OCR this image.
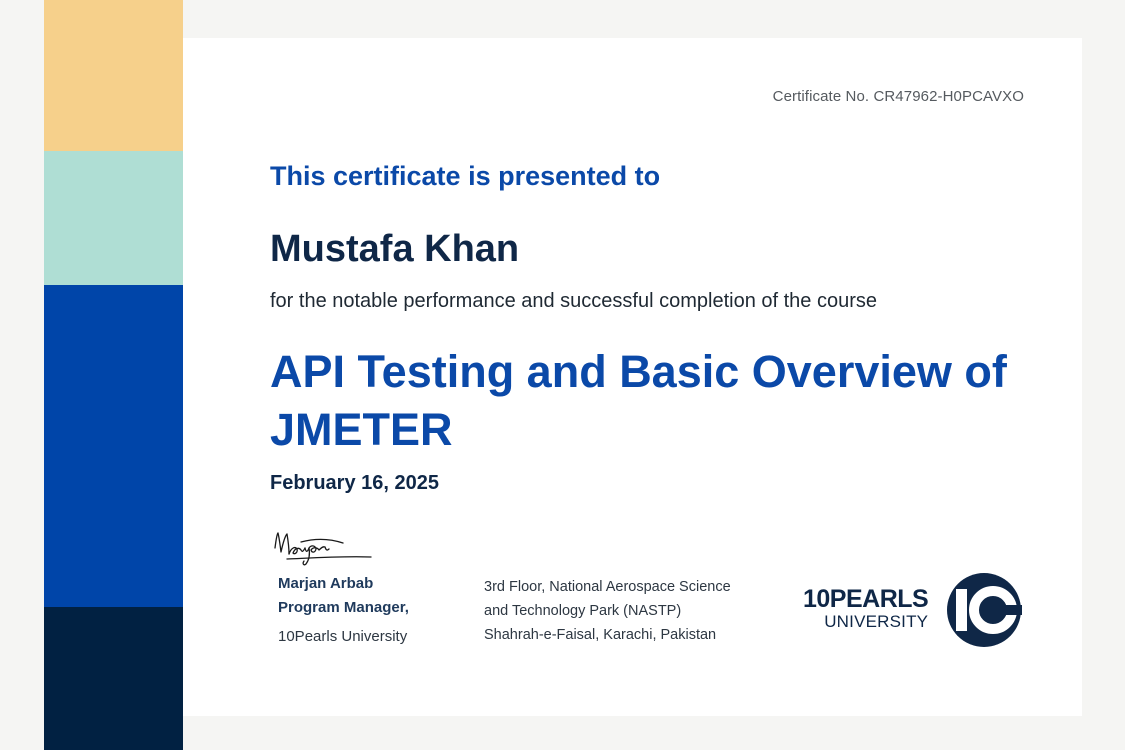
Certificate No. CR47962-H0PCAVXO
This certificate is presented to
Mustafa Khan
for the notable performance and successful completion of the course
API Testing and Basic Overview of JMETER
February 16, 2025
Marjan Arbab
Program Manager,
10Pearls University
3rd Floor, National Aerospace Science
and Technology Park (NASTP)
Shahrah-e-Faisal, Karachi, Pakistan
10PEARLS
UNIVERSITY
